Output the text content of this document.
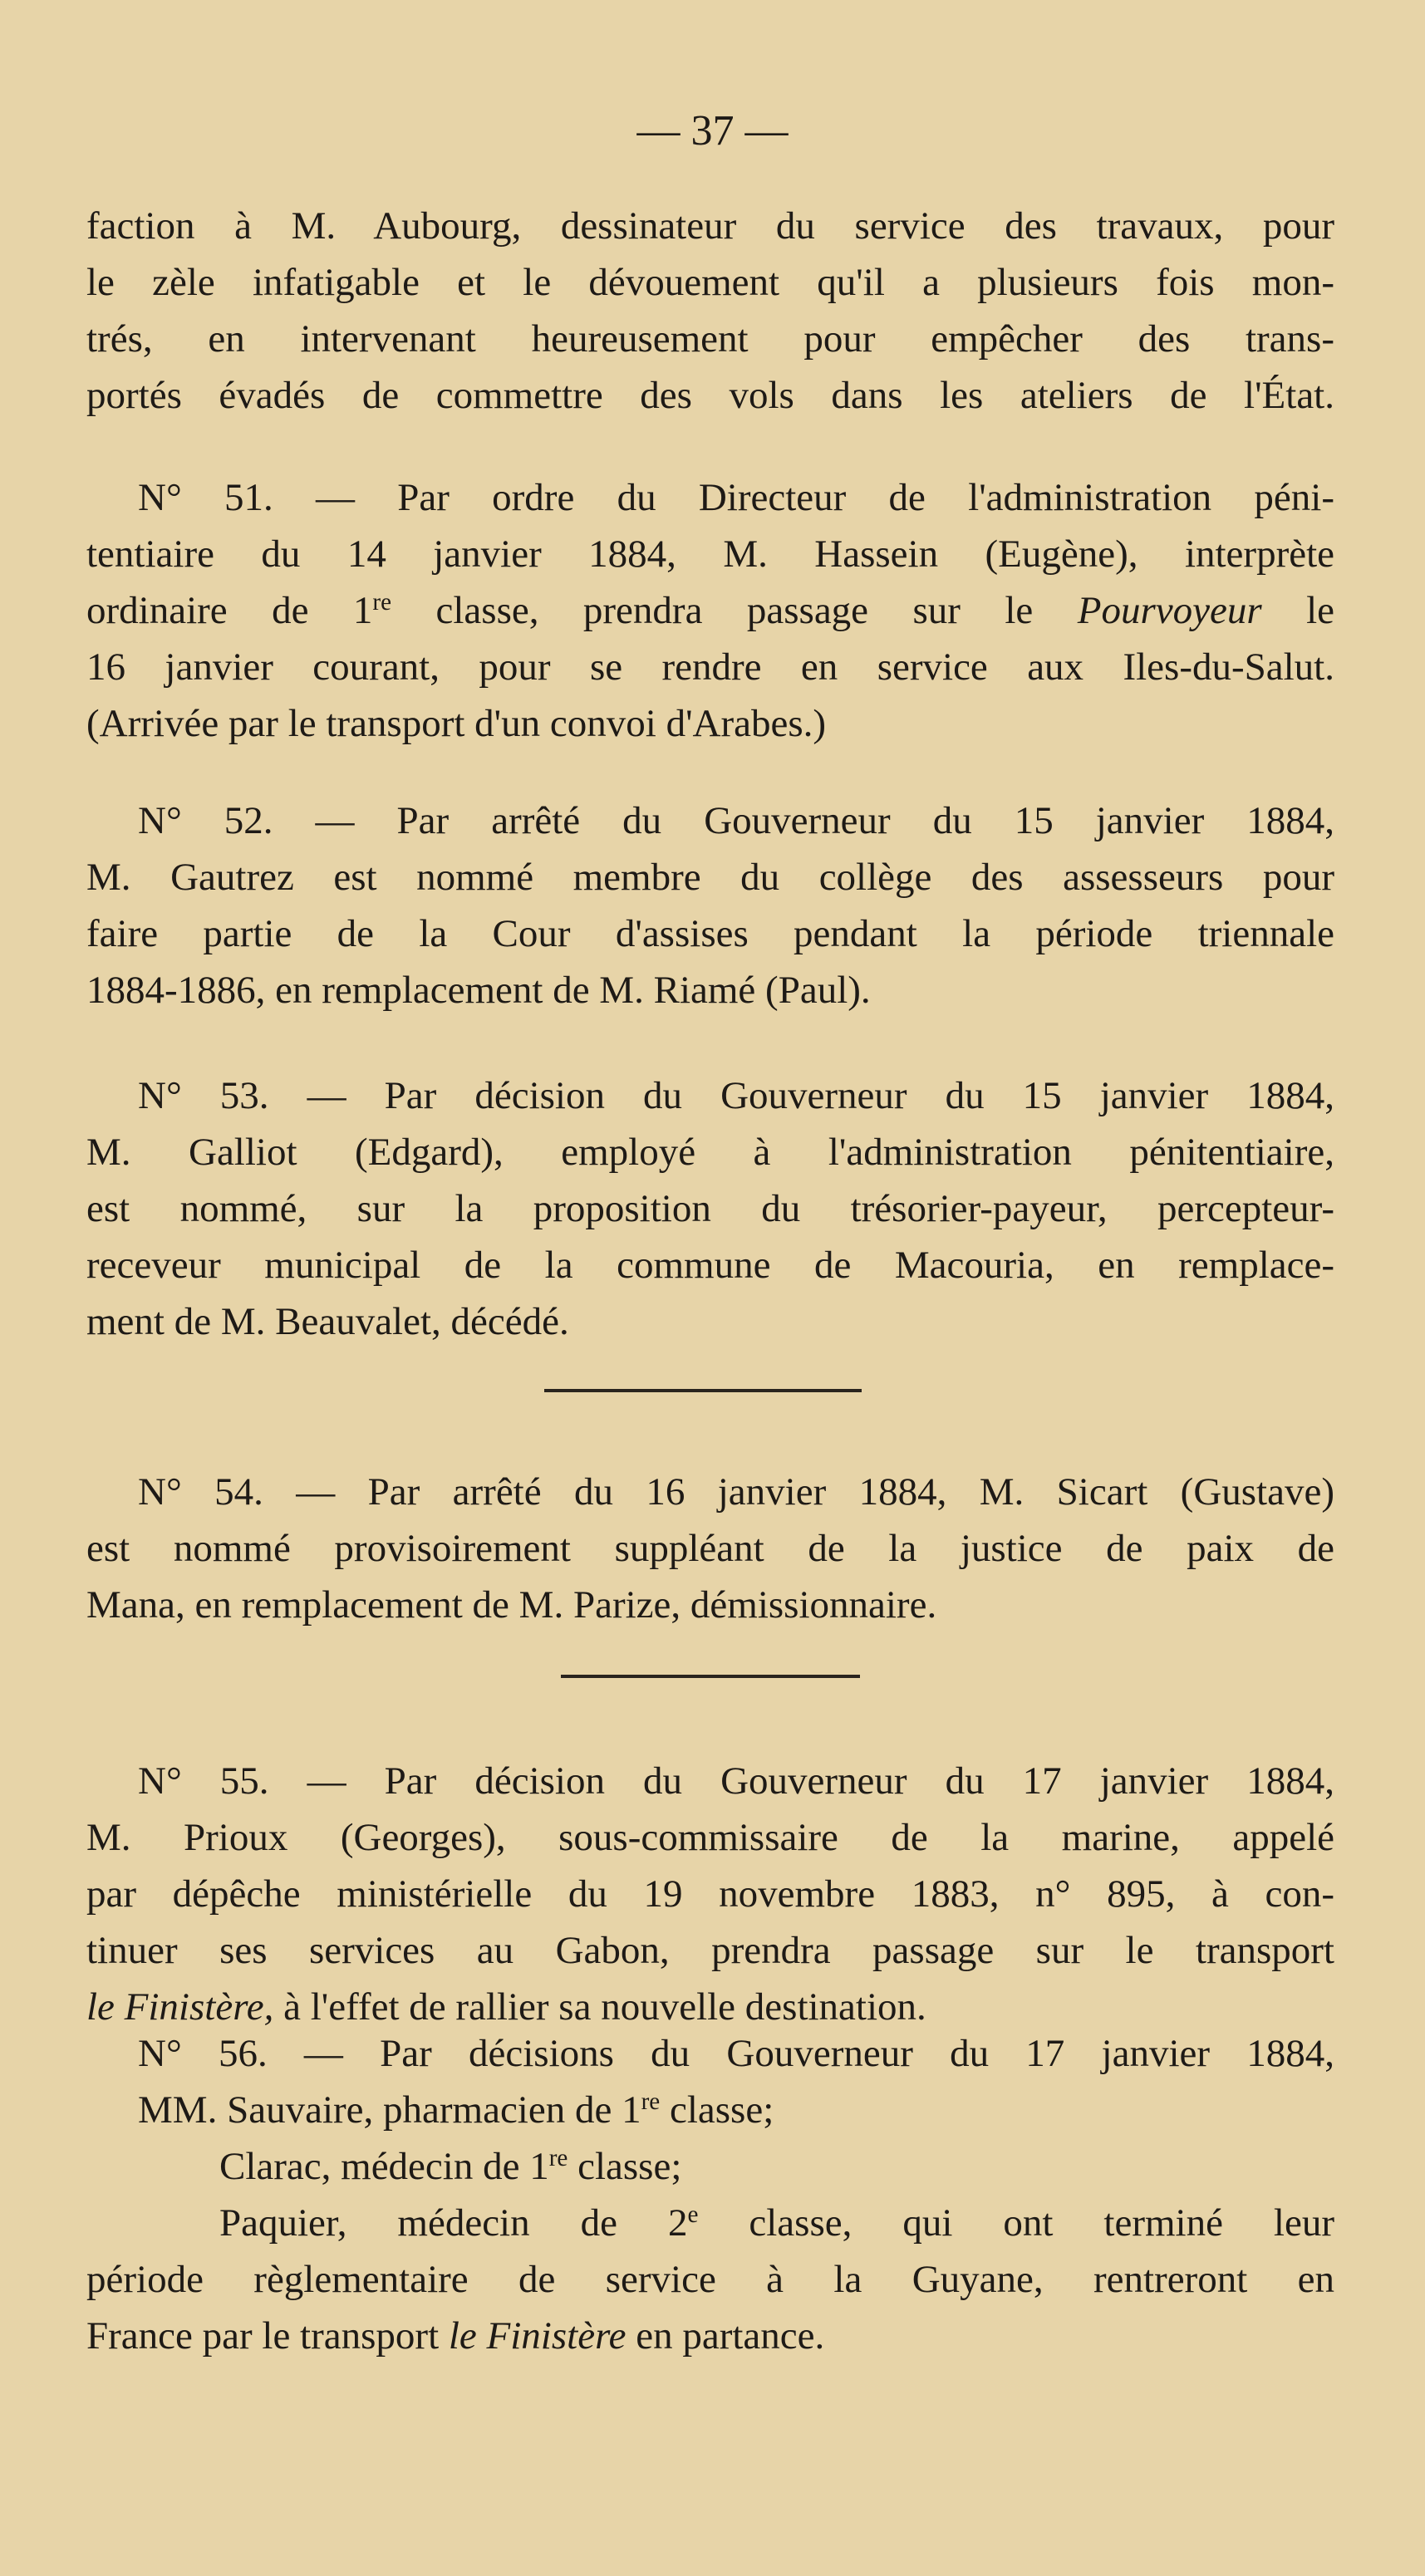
— 37 —
faction à M. Aubourg, dessinateur du service des travaux, pour
le zèle infatigable et le dévouement qu'il a plusieurs fois mon-
trés, en intervenant heureusement pour empêcher des trans-
portés évadés de commettre des vols dans les ateliers de l'État.
N° 51. — Par ordre du Directeur de l'administration péni-
tentiaire du 14 janvier 1884, M. Hassein (Eugène), interprète
ordinaire de 1re classe, prendra passage sur le Pourvoyeur le
16 janvier courant, pour se rendre en service aux Iles-du-Salut.
(Arrivée par le transport d'un convoi d'Arabes.)
N° 52. — Par arrêté du Gouverneur du 15 janvier 1884,
M. Gautrez est nommé membre du collège des assesseurs pour
faire partie de la Cour d'assises pendant la période triennale
1884-1886, en remplacement de M. Riamé (Paul).
N° 53. — Par décision du Gouverneur du 15 janvier 1884,
M. Galliot (Edgard), employé à l'administration pénitentiaire,
est nommé, sur la proposition du trésorier-payeur, percepteur-
receveur municipal de la commune de Macouria, en remplace-
ment de M. Beauvalet, décédé.
N° 54. — Par arrêté du 16 janvier 1884, M. Sicart (Gustave)
est nommé provisoirement suppléant de la justice de paix de
Mana, en remplacement de M. Parize, démissionnaire.
N° 55. — Par décision du Gouverneur du 17 janvier 1884,
M. Prioux (Georges), sous-commissaire de la marine, appelé
par dépêche ministérielle du 19 novembre 1883, n° 895, à con-
tinuer ses services au Gabon, prendra passage sur le transport
le Finistère, à l'effet de rallier sa nouvelle destination.
N° 56. — Par décisions du Gouverneur du 17 janvier 1884,
MM. Sauvaire, pharmacien de 1re classe;
Clarac, médecin de 1re classe;
Paquier, médecin de 2e classe, qui ont terminé leur
période règlementaire de service à la Guyane, rentreront en
France par le transport le Finistère en partance.
